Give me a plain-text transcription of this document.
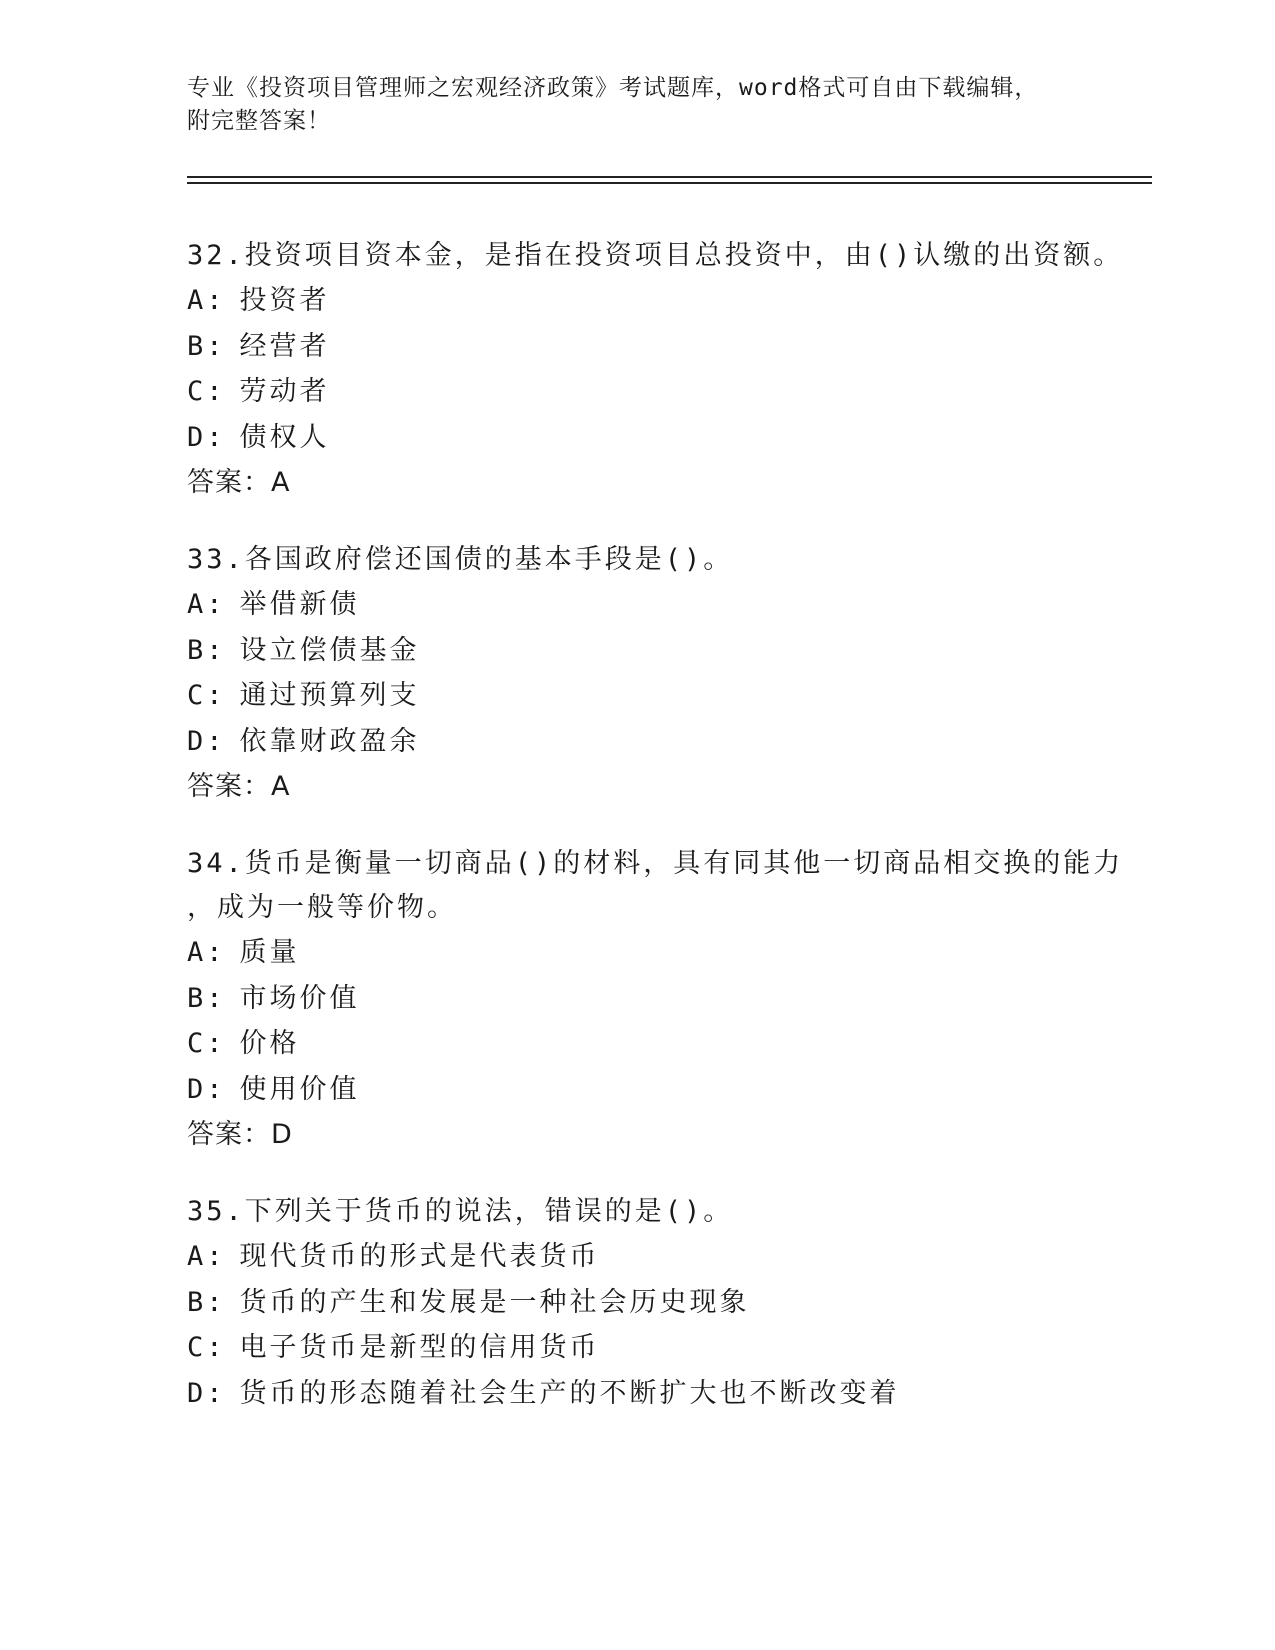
专业《投资项目管理师之宏观经济政策》考试题库，word格式可自由下载编辑，
附完整答案！
32.投资项目资本金，是指在投资项目总投资中，由()认缴的出资额。
A: 投资者
B: 经营者
C: 劳动者
D: 债权人
答案：A
33.各国政府偿还国债的基本手段是()。
A: 举借新债
B: 设立偿债基金
C: 通过预算列支
D: 依靠财政盈余
答案：A
34.货币是衡量一切商品()的材料，具有同其他一切商品相交换的能力
，成为一般等价物。
A: 质量
B: 市场价值
C: 价格
D: 使用价值
答案：D
35.下列关于货币的说法，错误的是()。
A: 现代货币的形式是代表货币
B: 货币的产生和发展是一种社会历史现象
C: 电子货币是新型的信用货币
D: 货币的形态随着社会生产的不断扩大也不断改变着
